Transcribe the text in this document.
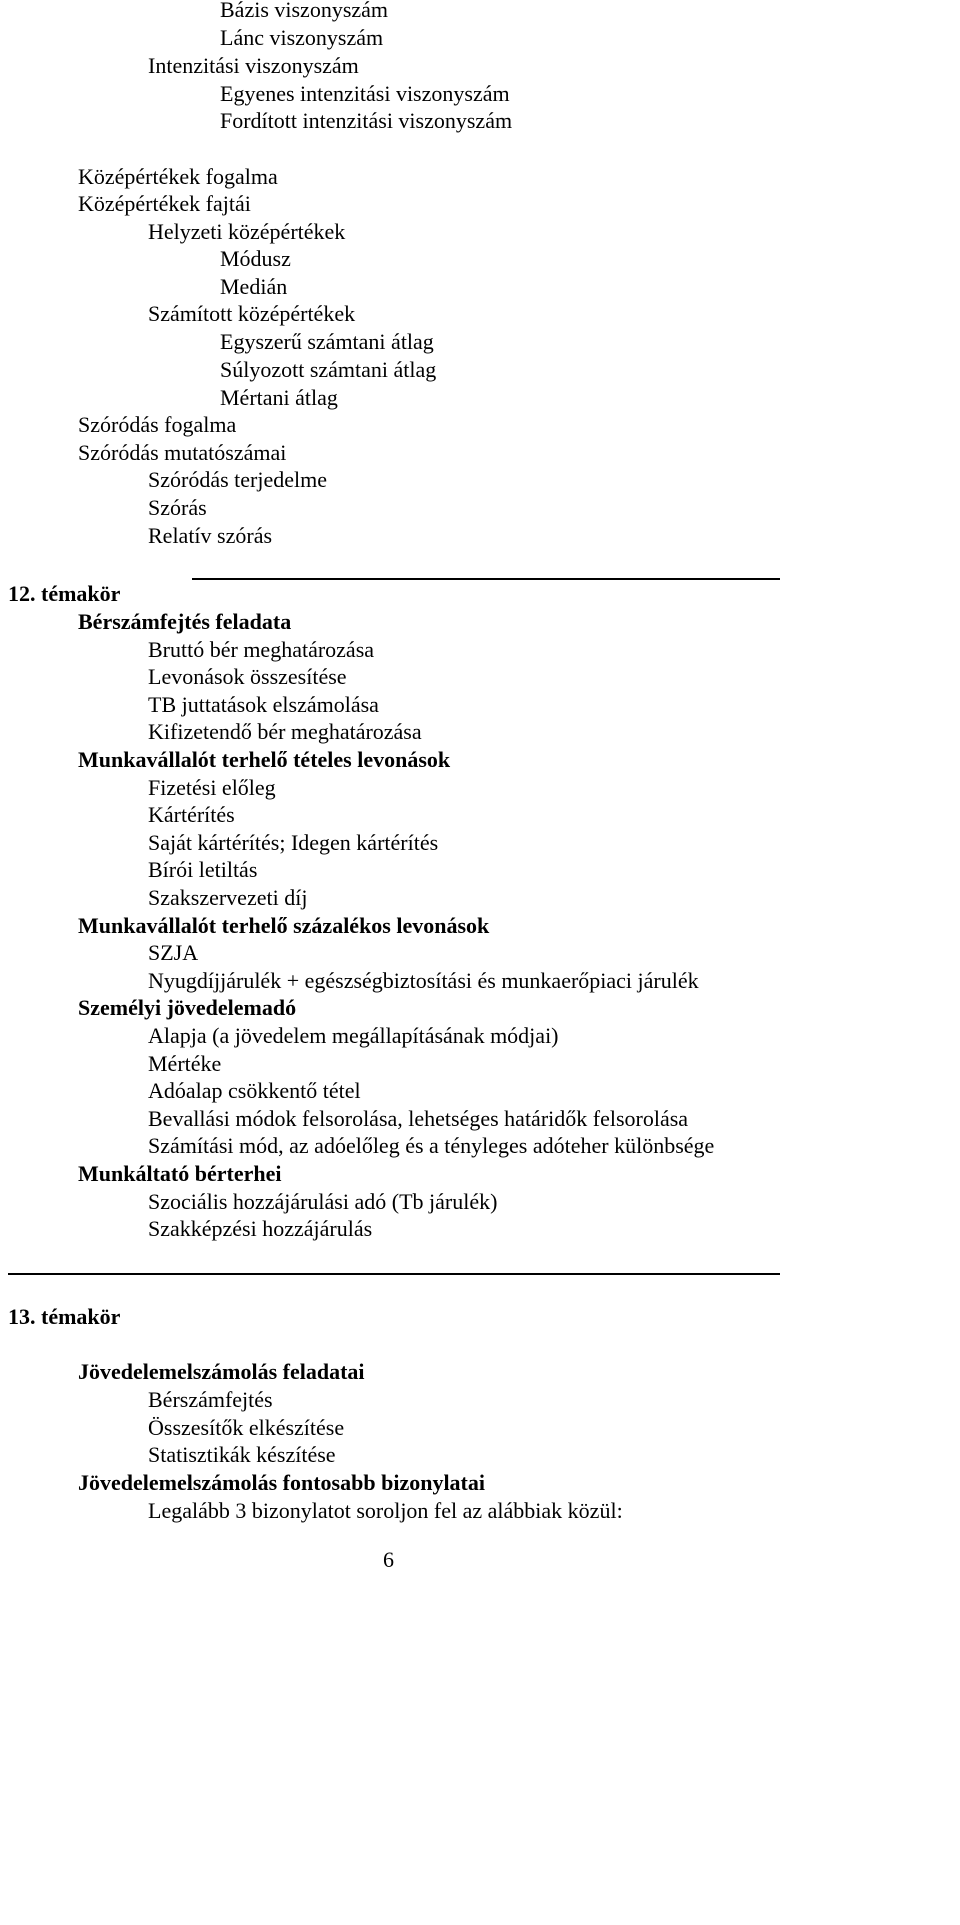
Bázis viszonyszám
Lánc viszonyszám
Intenzitási viszonyszám
Egyenes intenzitási viszonyszám
Fordított intenzitási viszonyszám
Középértékek fogalma
Középértékek fajtái
Helyzeti középértékek
Módusz
Medián
Számított középértékek
Egyszerű számtani átlag
Súlyozott számtani átlag
Mértani átlag
Szóródás fogalma
Szóródás mutatószámai
Szóródás terjedelme
Szórás
Relatív szórás
12. témakör
Bérszámfejtés feladata
Bruttó bér meghatározása
Levonások összesítése
TB juttatások elszámolása
Kifizetendő bér meghatározása
Munkavállalót terhelő tételes levonások
Fizetési előleg
Kártérítés
Saját kártérítés; Idegen kártérítés
Bírói letiltás
Szakszervezeti díj
Munkavállalót terhelő százalékos levonások
SZJA
Nyugdíjjárulék + egészségbiztosítási és munkaerőpiaci járulék
Személyi jövedelemadó
Alapja (a jövedelem megállapításának módjai)
Mértéke
Adóalap csökkentő tétel
Bevallási módok felsorolása, lehetséges határidők felsorolása
Számítási mód, az adóelőleg és a tényleges adóteher különbsége
Munkáltató bérterhei
Szociális hozzájárulási adó (Tb járulék)
Szakképzési hozzájárulás
13. témakör
Jövedelemelszámolás feladatai
Bérszámfejtés
Összesítők elkészítése
Statisztikák készítése
Jövedelemelszámolás fontosabb bizonylatai
Legalább 3 bizonylatot soroljon fel az alábbiak közül:
6
